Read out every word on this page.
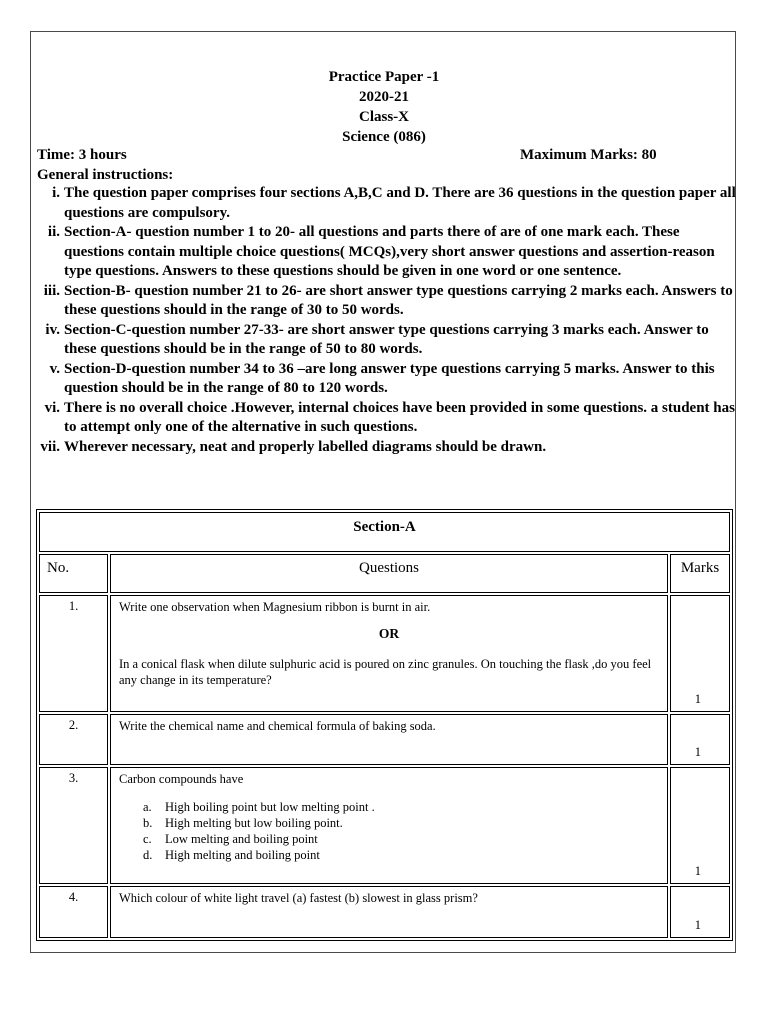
Practice Paper -1
2020-21
Class-X
Science (086)
Time: 3 hours	Maximum Marks: 80
General instructions:
i. The question paper comprises four sections A,B,C and D. There are 36 questions in the question paper all questions are compulsory.
ii. Section-A- question number 1 to 20- all questions and parts there of are of one mark each. These questions contain multiple choice questions( MCQs),very short answer questions and assertion-reason type questions. Answers to these questions should be given in one word or one sentence.
iii. Section-B- question number 21 to 26- are short answer type questions carrying 2 marks each. Answers to these questions should in the range of 30 to 50 words.
iv. Section-C-question number 27-33- are short answer type questions carrying 3 marks each. Answer to these questions should be in the range of 50 to 80 words.
v. Section-D-question number 34 to 36 –are long answer type questions carrying 5 marks. Answer to this question should be in the range of 80 to 120 words.
vi. There is no overall choice .However, internal choices have been provided in some questions. a student has to attempt only one of the alternative in such questions.
vii. Wherever necessary, neat and properly labelled diagrams should be drawn.
Section-A
No.	Questions	Marks
1.	Write one observation when Magnesium ribbon is burnt in air.
OR
In a conical flask when dilute sulphuric acid is poured on zinc granules. On touching the flask ,do you feel any change in its temperature?
1
2.	Write the chemical name and chemical formula of baking soda.
1
3.	Carbon compounds have
a. High boiling point but low melting point .
b. High melting but low boiling point.
c. Low melting and boiling point
d. High melting and boiling point
1
4.	Which colour of white light travel (a) fastest (b) slowest in glass prism?
1
